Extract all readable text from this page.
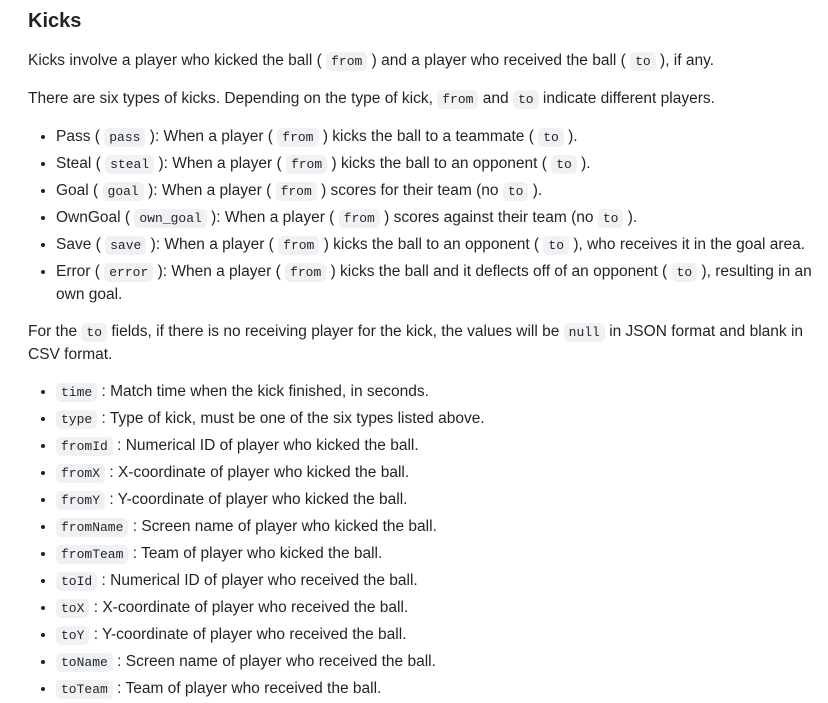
Kicks

Kicks involve a player who kicked the ball ( from ) and a player who received the ball ( to ), if any.

There are six types of kicks. Depending on the type of kick, from and to indicate different players.

• Pass ( pass ): When a player ( from ) kicks the ball to a teammate ( to ).
• Steal ( steal ): When a player ( from ) kicks the ball to an opponent ( to ).
• Goal ( goal ): When a player ( from ) scores for their team (no to ).
• OwnGoal ( own_goal ): When a player ( from ) scores against their team (no to ).
• Save ( save ): When a player ( from ) kicks the ball to an opponent ( to ), who receives it in the goal area.
• Error ( error ): When a player ( from ) kicks the ball and it deflects off of an opponent ( to ), resulting in an own goal.

For the to fields, if there is no receiving player for the kick, the values will be null in JSON format and blank in CSV format.

• time : Match time when the kick finished, in seconds.
• type : Type of kick, must be one of the six types listed above.
• fromId : Numerical ID of player who kicked the ball.
• fromX : X-coordinate of player who kicked the ball.
• fromY : Y-coordinate of player who kicked the ball.
• fromName : Screen name of player who kicked the ball.
• fromTeam : Team of player who kicked the ball.
• toId : Numerical ID of player who received the ball.
• toX : X-coordinate of player who received the ball.
• toY : Y-coordinate of player who received the ball.
• toName : Screen name of player who received the ball.
• toTeam : Team of player who received the ball.
